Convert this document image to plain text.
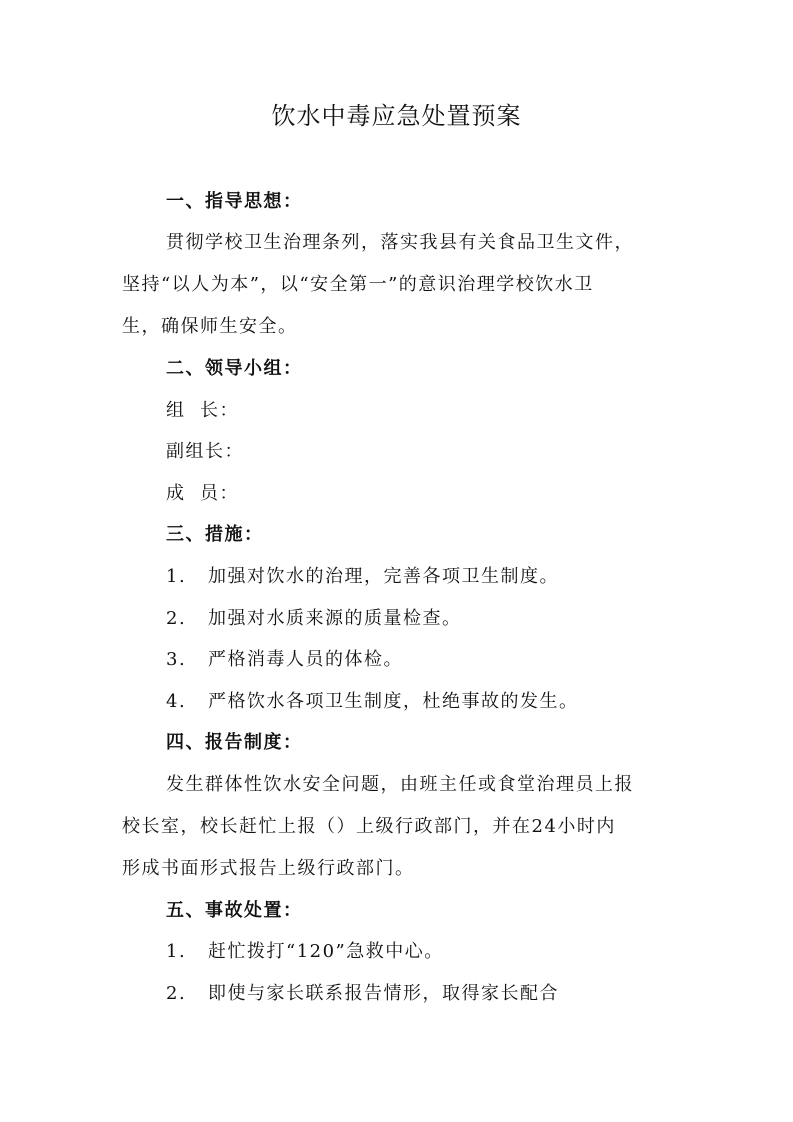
饮水中毒应急处置预案
一、指导思想：
贯彻学校卫生治理条列，落实我县有关食品卫生文件，
坚持“以人为本”，以“安全第一”的意识治理学校饮水卫
生，确保师生安全。
二、领导小组：
组  长：
副组长：
成  员：
三、措施：
1. 加强对饮水的治理，完善各项卫生制度。
2. 加强对水质来源的质量检查。
3. 严格消毒人员的体检。
4. 严格饮水各项卫生制度，杜绝事故的发生。
四、报告制度：
发生群体性饮水安全问题，由班主任或食堂治理员上报
校长室，校长赶忙上报（）上级行政部门，并在24小时内
形成书面形式报告上级行政部门。
五、事故处置：
1. 赶忙拨打“120”急救中心。
2. 即使与家长联系报告情形，取得家长配合
